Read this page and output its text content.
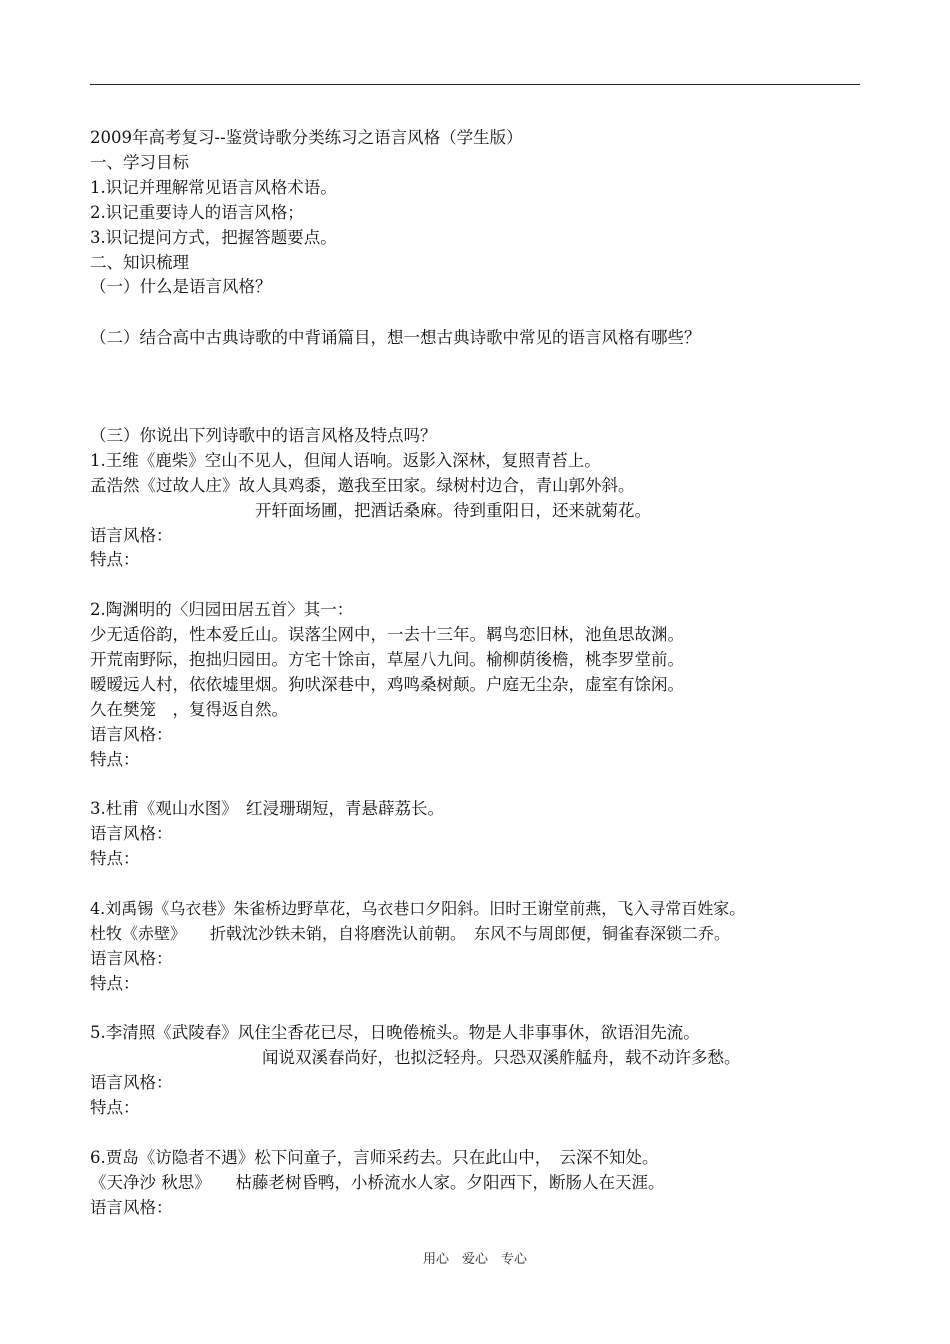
2009年高考复习--鉴赏诗歌分类练习之语言风格（学生版）
一、学习目标
1.识记并理解常见语言风格术语。
2.识记重要诗人的语言风格；
3.识记提问方式，把握答题要点。
二、知识梳理
（一）什么是语言风格？
（二）结合高中古典诗歌的中背诵篇目，想一想古典诗歌中常见的语言风格有哪些？
（三）你说出下列诗歌中的语言风格及特点吗？
1.王维《鹿柴》空山不见人，但闻人语响。返影入深林，复照青苔上。
孟浩然《过故人庄》故人具鸡黍，邀我至田家。绿树村边合，青山郭外斜。
开轩面场圃，把酒话桑麻。待到重阳日，还来就菊花。
语言风格：
特点：
2.陶渊明的〈归园田居五首〉其一：
少无适俗韵，性本爱丘山。误落尘网中，一去十三年。羁鸟恋旧林，池鱼思故渊。
开荒南野际，抱拙归园田。方宅十馀亩，草屋八九间。榆柳荫後檐，桃李罗堂前。
暧暧远人村，依依墟里烟。狗吠深巷中，鸡鸣桑树颠。户庭无尘杂，虚室有馀闲。
久在樊笼　，复得返自然。
语言风格：
特点：
3.杜甫《观山水图》　红浸珊瑚短，青悬薜荔长。
语言风格：
特点：
4.刘禹锡《乌衣巷》朱雀桥边野草花，乌衣巷口夕阳斜。旧时王谢堂前燕，飞入寻常百姓家。
杜牧《赤壁》　　折戟沈沙铁未销，自将磨洗认前朝。　东风不与周郎便，铜雀春深锁二乔。
语言风格：
特点：
5.李清照《武陵春》风住尘香花已尽，日晚倦梳头。物是人非事事休，欲语泪先流。
闻说双溪春尚好，也拟泛轻舟。只恐双溪舴艋舟，载不动许多愁。
语言风格：
特点：
6.贾岛《访隐者不遇》松下问童子，言师采药去。只在此山中，　云深不知处。
《天净沙 秋思》　　枯藤老树昏鸭，小桥流水人家。夕阳西下，断肠人在天涯。
语言风格：
用心　爱心　专心
